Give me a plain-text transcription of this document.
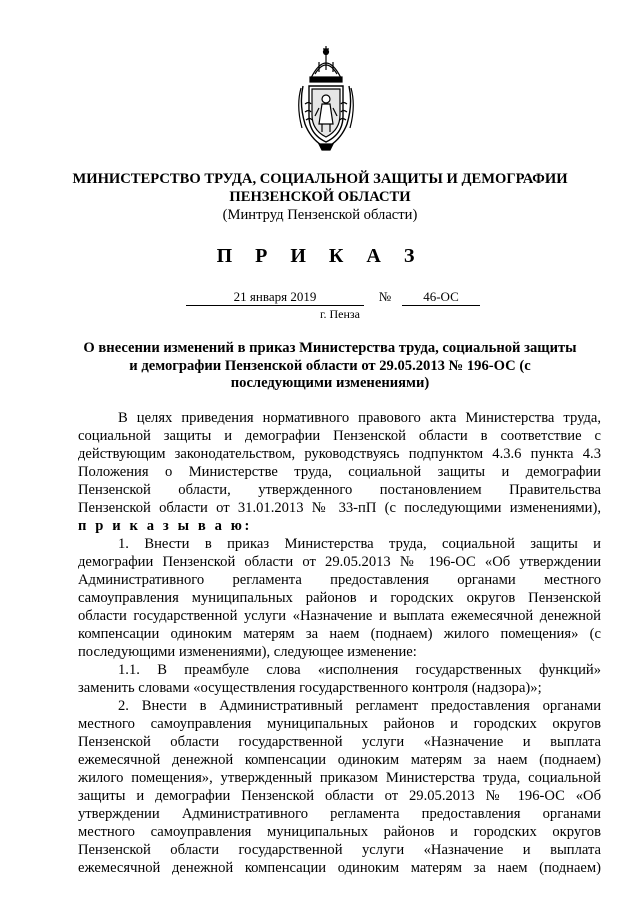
МИНИСТЕРСТВО ТРУДА, СОЦИАЛЬНОЙ ЗАЩИТЫ И ДЕМОГРАФИИ
ПЕНЗЕНСКОЙ ОБЛАСТИ
(Минтруд Пензенской области)
П Р И К А З
21 января 2019	№	46-ОС
г. Пенза
О внесении изменений в приказ Министерства труда, социальной защиты
и демографии Пензенской области от 29.05.2013 № 196-ОС (с
последующими изменениями)
В целях приведения нормативного правового акта Министерства труда,
социальной защиты и демографии Пензенской области в соответствие с
действующим законодательством, руководствуясь подпунктом 4.3.6 пункта 4.3
Положения о Министерстве труда, социальной защиты и демографии
Пензенской области, утвержденного постановлением Правительства
Пензенской области от 31.01.2013 № 33-пП (с последующими изменениями),
п р и к а з ы в а ю:
1. Внести в приказ Министерства труда, социальной защиты и
демографии Пензенской области от 29.05.2013 № 196-ОС «Об утверждении
Административного регламента предоставления органами местного
самоуправления муниципальных районов и городских округов Пензенской
области государственной услуги «Назначение и выплата ежемесячной денежной
компенсации одиноким матерям за наем (поднаем) жилого помещения» (с
последующими изменениями), следующее изменение:
1.1. В преамбуле слова «исполнения государственных функций»
заменить словами «осуществления государственного контроля (надзора)»;
2. Внести в Административный регламент предоставления органами
местного самоуправления муниципальных районов и городских округов
Пензенской области государственной услуги «Назначение и выплата
ежемесячной денежной компенсации одиноким матерям за наем (поднаем)
жилого помещения», утвержденный приказом Министерства труда, социальной
защиты и демографии Пензенской области от 29.05.2013 № 196-ОС «Об
утверждении Административного регламента предоставления органами
местного самоуправления муниципальных районов и городских округов
Пензенской области государственной услуги «Назначение и выплата
ежемесячной денежной компенсации одиноким матерям за наем (поднаем)
